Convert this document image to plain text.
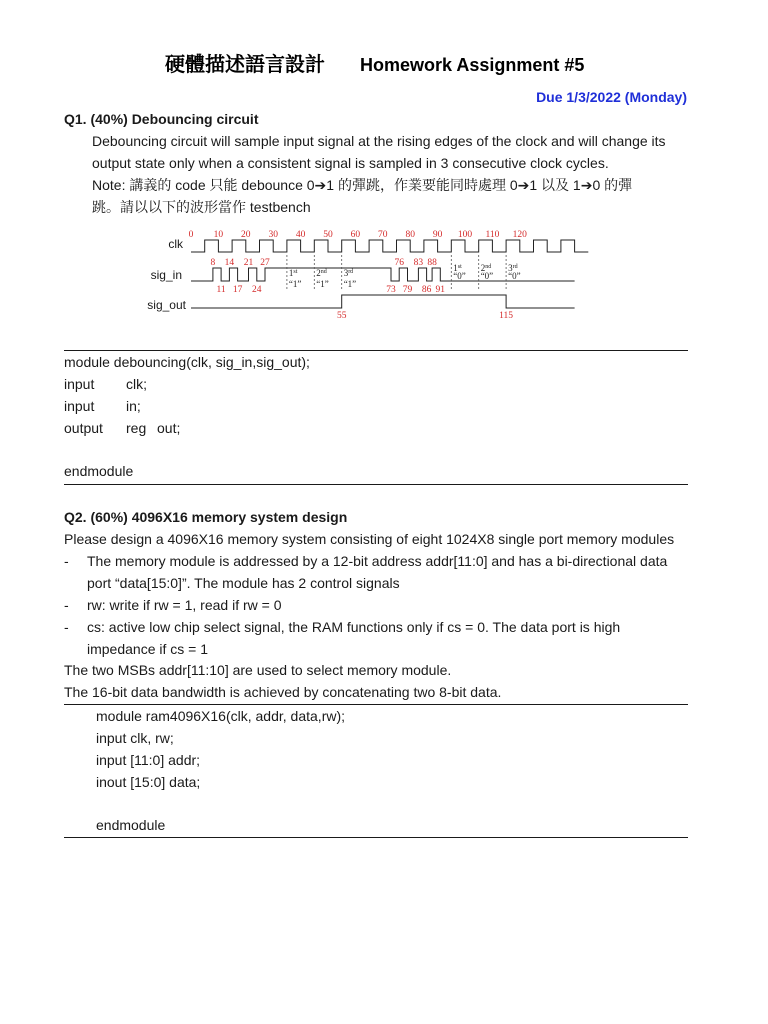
硬體描述語言設計 Homework Assignment #5
Due 1/3/2022 (Monday)
Q1. (40%) Debouncing circuit
Debouncing circuit will sample input signal at the rising edges of the clock and will change its
output state only when a consistent signal is sampled in 3 consecutive clock cycles.
Note: 講義的 code 只能 debounce 0➔1 的彈跳，作業要能同時處理 0➔1 以及 1➔0 的彈
跳。請以以下的波形當作 testbench
clk
sig_in
sig_out
0 10 20 30 40 50 60 70 80 90 100 110 120
8 14 21 27	76 83 88
11 17 24	73 79 86 91
1st
“1”
2nd
“1”
3rd
“1”
1st
“0”
2nd
“0”
3rd
“0”
55	115
module debouncing(clk, sig_in,sig_out);
input clk;
input in;
output reg out;
endmodule
Q2. (60%) 4096X16 memory system design
Please design a 4096X16 memory system consisting of eight 1024X8 single port memory modules
- The memory module is addressed by a 12-bit address addr[11:0] and has a bi-directional data
port “data[15:0]”. The module has 2 control signals
- rw: write if rw = 1, read if rw = 0
- cs: active low chip select signal, the RAM functions only if cs = 0. The data port is high
impedance if cs = 1
The two MSBs addr[11:10] are used to select memory module.
The 16-bit data bandwidth is achieved by concatenating two 8-bit data.
module ram4096X16(clk, addr, data,rw);
input clk, rw;
input [11:0] addr;
inout [15:0] data;
endmodule
